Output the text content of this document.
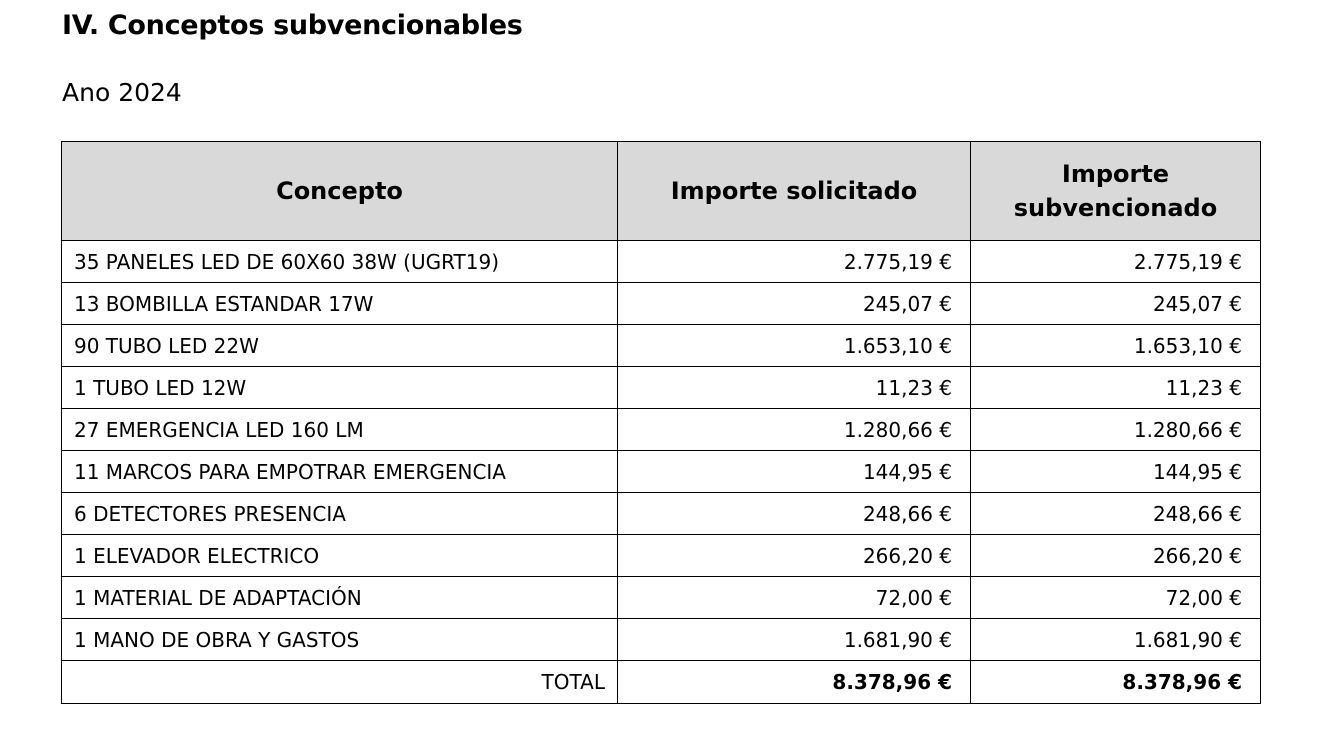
IV. Conceptos subvencionables

Ano 2024

Concepto	Importe solicitado	Importe subvencionado
35 PANELES LED DE 60X60 38W (UGRT19)	2.775,19 €	2.775,19 €
13 BOMBILLA ESTANDAR 17W	245,07 €	245,07 €
90 TUBO LED 22W	1.653,10 €	1.653,10 €
1 TUBO LED 12W	11,23 €	11,23 €
27 EMERGENCIA LED 160 LM	1.280,66 €	1.280,66 €
11 MARCOS PARA EMPOTRAR EMERGENCIA	144,95 €	144,95 €
6 DETECTORES PRESENCIA	248,66 €	248,66 €
1 ELEVADOR ELECTRICO	266,20 €	266,20 €
1 MATERIAL DE ADAPTACIÓN	72,00 €	72,00 €
1 MANO DE OBRA Y GASTOS	1.681,90 €	1.681,90 €
TOTAL	8.378,96 €	8.378,96 €
